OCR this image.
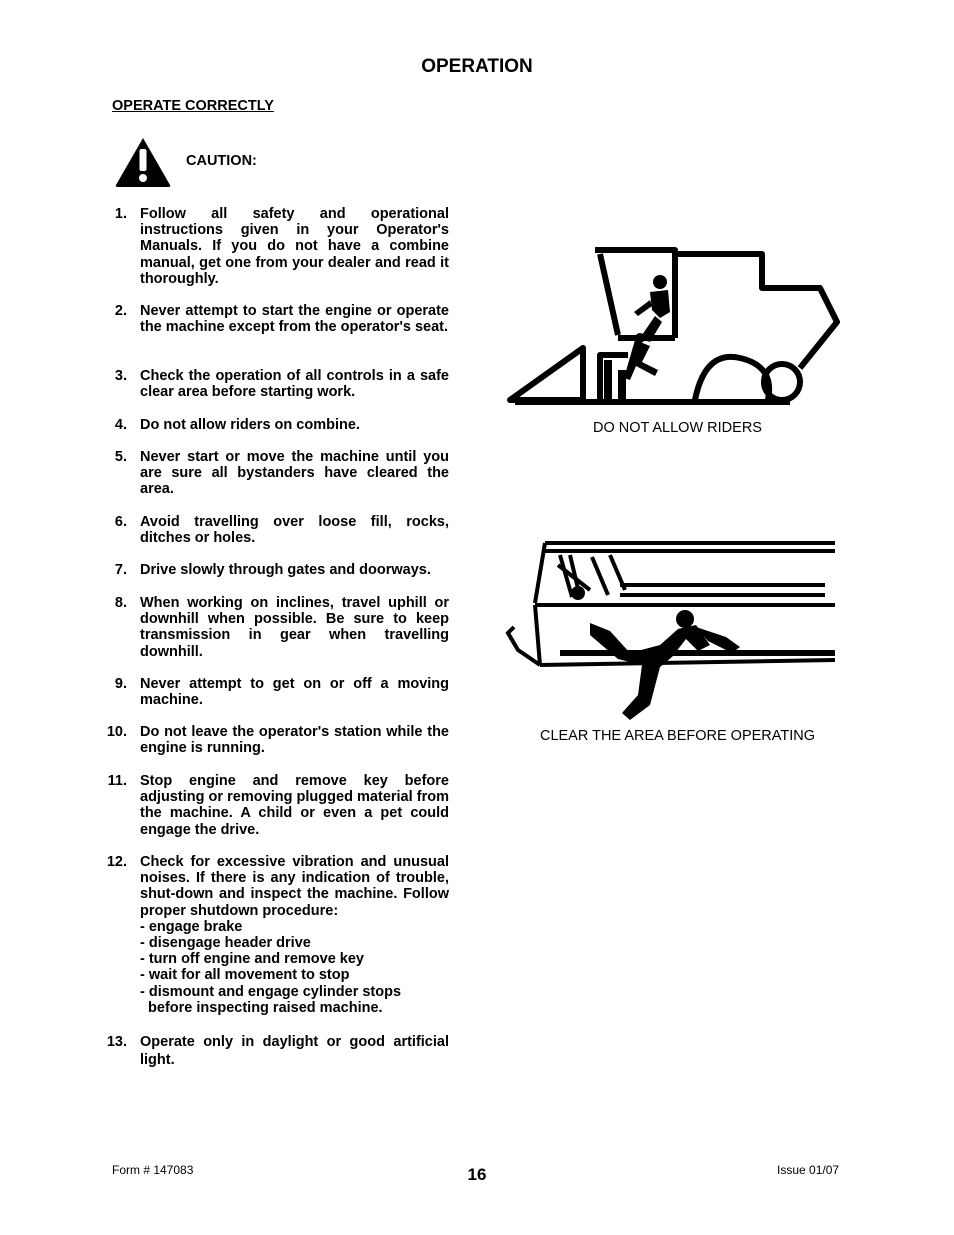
OPERATION
OPERATE CORRECTLY
CAUTION:
1. Follow all safety and operational instructions given in your Operator's Manuals. If you do not have a combine manual, get one from your dealer and read it thoroughly.
2. Never attempt to start the engine or operate the machine except from the operator's seat.
3. Check the operation of all controls in a safe clear area before starting work.
4. Do not allow riders on combine.
5. Never start or move the machine until you are sure all bystanders have cleared the area.
6. Avoid travelling over loose fill, rocks, ditches or holes.
7. Drive slowly through gates and doorways.
8. When working on inclines, travel uphill or downhill when possible. Be sure to keep transmission in gear when travelling downhill.
9. Never attempt to get on or off a moving machine.
10. Do not leave the operator's station while the engine is running.
11. Stop engine and remove key before adjusting or removing plugged material from the machine. A child or even a pet could engage the drive.
12. Check for excessive vibration and unusual noises. If there is any indication of trouble, shut-down and inspect the machine. Follow proper shutdown procedure:
- engage brake
- disengage header drive
- turn off engine and remove key
- wait for all movement to stop
- dismount and engage cylinder stops
before inspecting raised machine.
13. Operate only in daylight or good artificial light.
DO NOT ALLOW RIDERS
CLEAR THE AREA BEFORE OPERATING
Form # 147083	16	Issue 01/07
